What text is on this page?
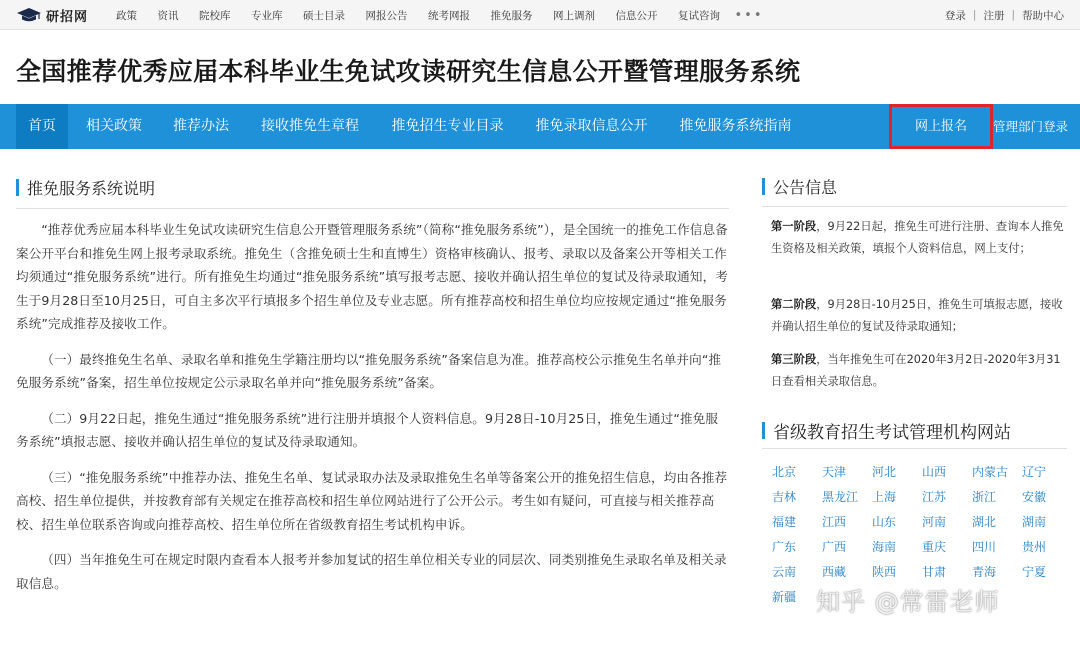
研招网	政策 资讯 院校库 专业库 硕士目录 网报公告 统考网报 推免服务 网上调剂 信息公开 复试咨询 •••	登录 | 注册 | 帮助中心
全国推荐优秀应届本科毕业生免试攻读研究生信息公开暨管理服务系统
首页	相关政策 推荐办法 接收推免生章程 推免招生专业目录 推免录取信息公开 推免服务系统指南	网上报名	管理部门登录
推免服务系统说明

“推荐优秀应届本科毕业生免试攻读研究生信息公开暨管理服务系统”（简称“推免服务系统”），是全国统一的推免工作信息备案公开平台和推免生网上报考录取系统。推免生（含推免硕士生和直博生）资格审核确认、报考、录取以及备案公开等相关工作均须通过“推免服务系统”进行。所有推免生均通过“推免服务系统”填写报考志愿、接收并确认招生单位的复试及待录取通知，考生于9月28日至10月25日，可自主多次平行填报多个招生单位及专业志愿。所有推荐高校和招生单位均应按规定通过“推免服务系统”完成推荐及接收工作。

（一）最终推免生名单、录取名单和推免生学籍注册均以“推免服务系统”备案信息为准。推荐高校公示推免生名单并向“推免服务系统”备案，招生单位按规定公示录取名单并向“推免服务系统”备案。

（二）9月22日起，推免生通过“推免服务系统”进行注册并填报个人资料信息。9月28日-10月25日，推免生通过“推免服务系统”填报志愿、接收并确认招生单位的复试及待录取通知。

（三）“推免服务系统”中推荐办法、推免生名单、复试录取办法及录取推免生名单等备案公开的推免招生信息，均由各推荐高校、招生单位提供，并按教育部有关规定在推荐高校和招生单位网站进行了公开公示。考生如有疑问，可直接与相关推荐高校、招生单位联系咨询或向推荐高校、招生单位所在省级教育招生考试机构申诉。

（四）当年推免生可在规定时限内查看本人报考并参加复试的招生单位相关专业的同层次、同类别推免生录取名单及相关录取信息。

公告信息
第一阶段，9月22日起，推免生可进行注册、查询本人推免生资格及相关政策，填报个人资料信息，网上支付；
第二阶段，9月28日-10月25日，推免生可填报志愿，接收并确认招生单位的复试及待录取通知；
第三阶段，当年推免生可在2020年3月2日-2020年3月31日查看相关录取信息。
省级教育招生考试管理机构网站
北京	天津	河北	山西	内蒙古	辽宁
吉林	黑龙江	上海	江苏	浙江	安徽
福建	江西	山东	河南	湖北	湖南
广东	广西	海南	重庆	四川	贵州
云南	西藏	陕西	甘肃	青海	宁夏
新疆 知乎 @常雷老师
